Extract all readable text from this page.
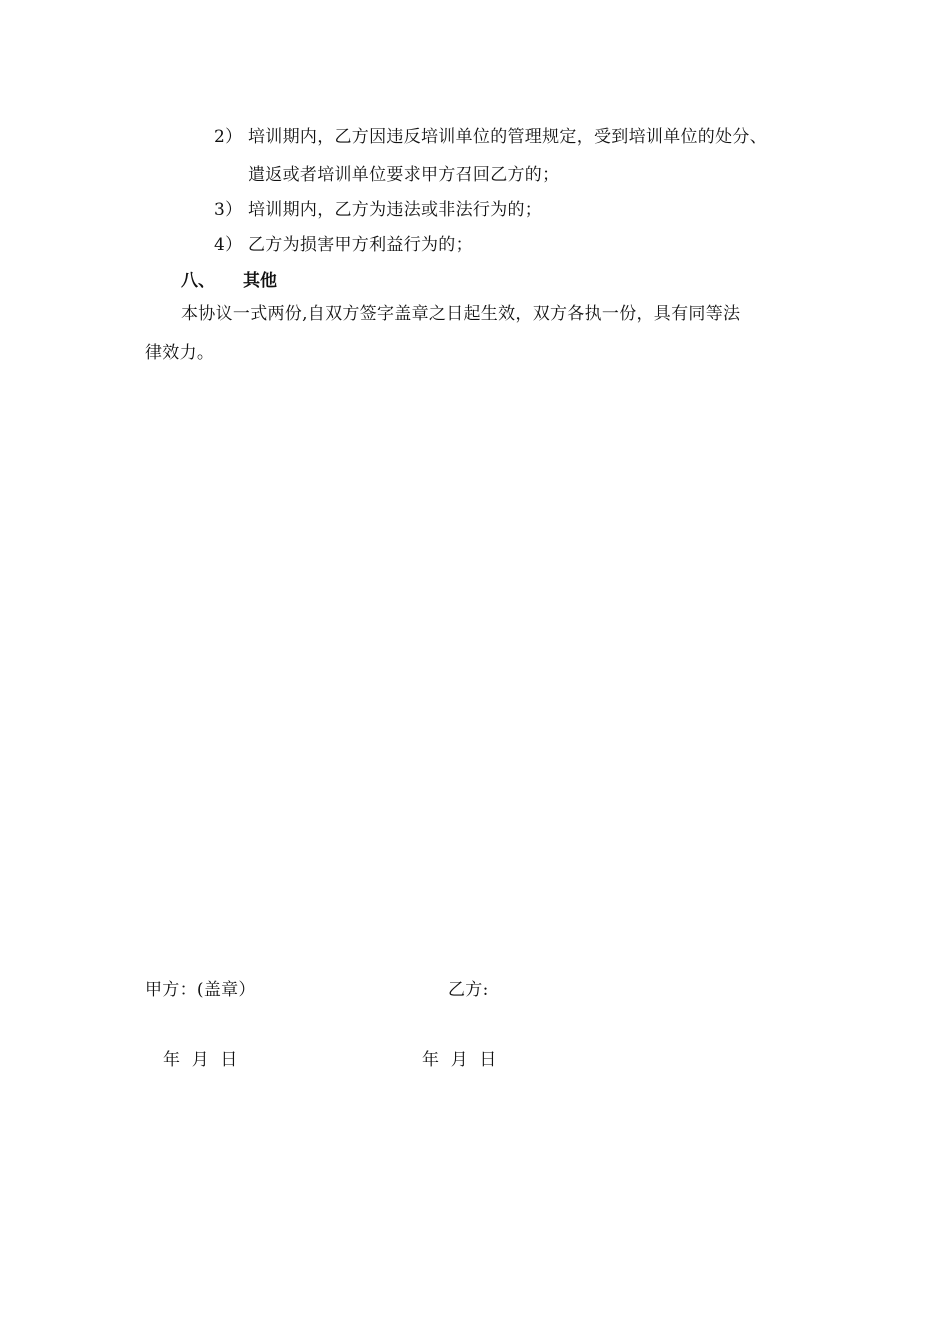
2） 培训期内，乙方因违反培训单位的管理规定，受到培训单位的处分、
遣返或者培训单位要求甲方召回乙方的；
3） 培训期内，乙方为违法或非法行为的；
4） 乙方为损害甲方利益行为的；
八、 其他
本协议一式两份,自双方签字盖章之日起生效，双方各执一份，具有同等法
律效力。
甲方：(盖章）	乙方:
年  月  日	年  月  日
